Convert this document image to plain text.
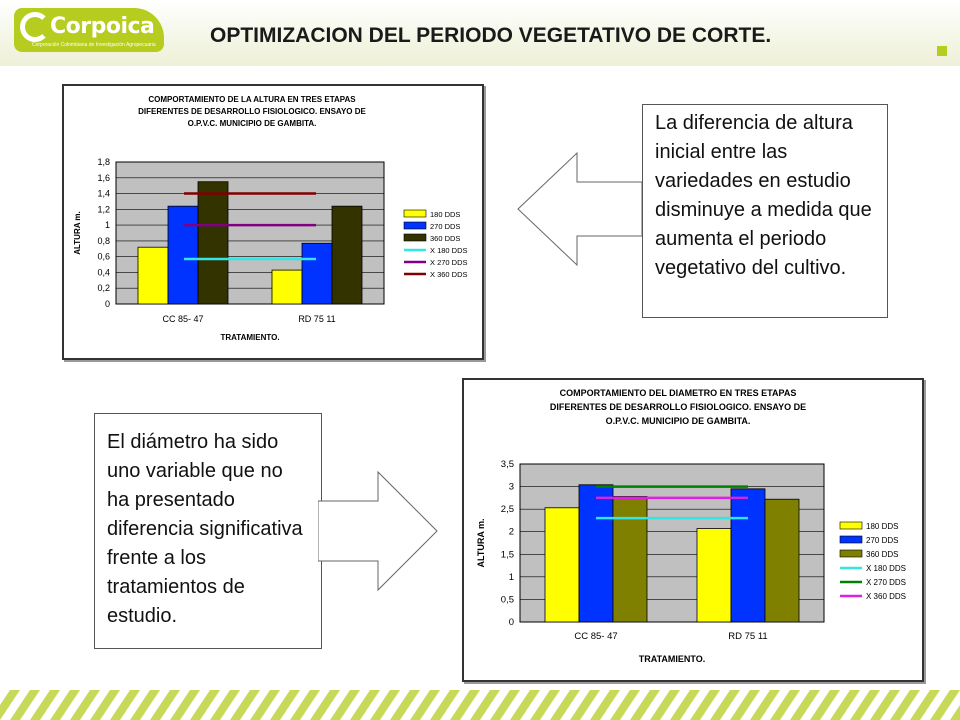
Corpoica
Corporación Colombiana de Investigación Agropecuaria	OPTIMIZACION DEL PERIODO VEGETATIVO DE CORTE.
COMPORTAMIENTO DE LA ALTURA EN TRES ETAPAS
DIFERENTES DE DESARROLLO FISIOLOGICO. ENSAYO DE
O.P.V.C. MUNICIPIO DE GAMBITA.
0
0,2
0,4
0,6
0,8
1
1,2
1,4
1,6
1,8
ALTURA m.
CC 85- 47	RD 75 11
TRATAMIENTO.
180 DDS
270 DDS
360 DDS
X 180 DDS
X 270 DDS
X 360 DDS
COMPORTAMIENTO DEL DIAMETRO EN TRES ETAPAS
DIFERENTES DE DESARROLLO FISIOLOGICO. ENSAYO DE
O.P.V.C. MUNICIPIO DE GAMBITA.
0
0,5
1
1,5
2
2,5
3
3,5
ALTURA m.
CC 85- 47	RD 75 11
TRATAMIENTO.
180 DDS
270 DDS
360 DDS
X 180 DDS
X 270 DDS
X 360 DDS
La diferencia de altura inicial entre las variedades en estudio disminuye a medida que aumenta el periodo vegetativo del cultivo.
El diámetro ha sido uno variable que no ha presentado diferencia significativa frente a los tratamientos de estudio.
